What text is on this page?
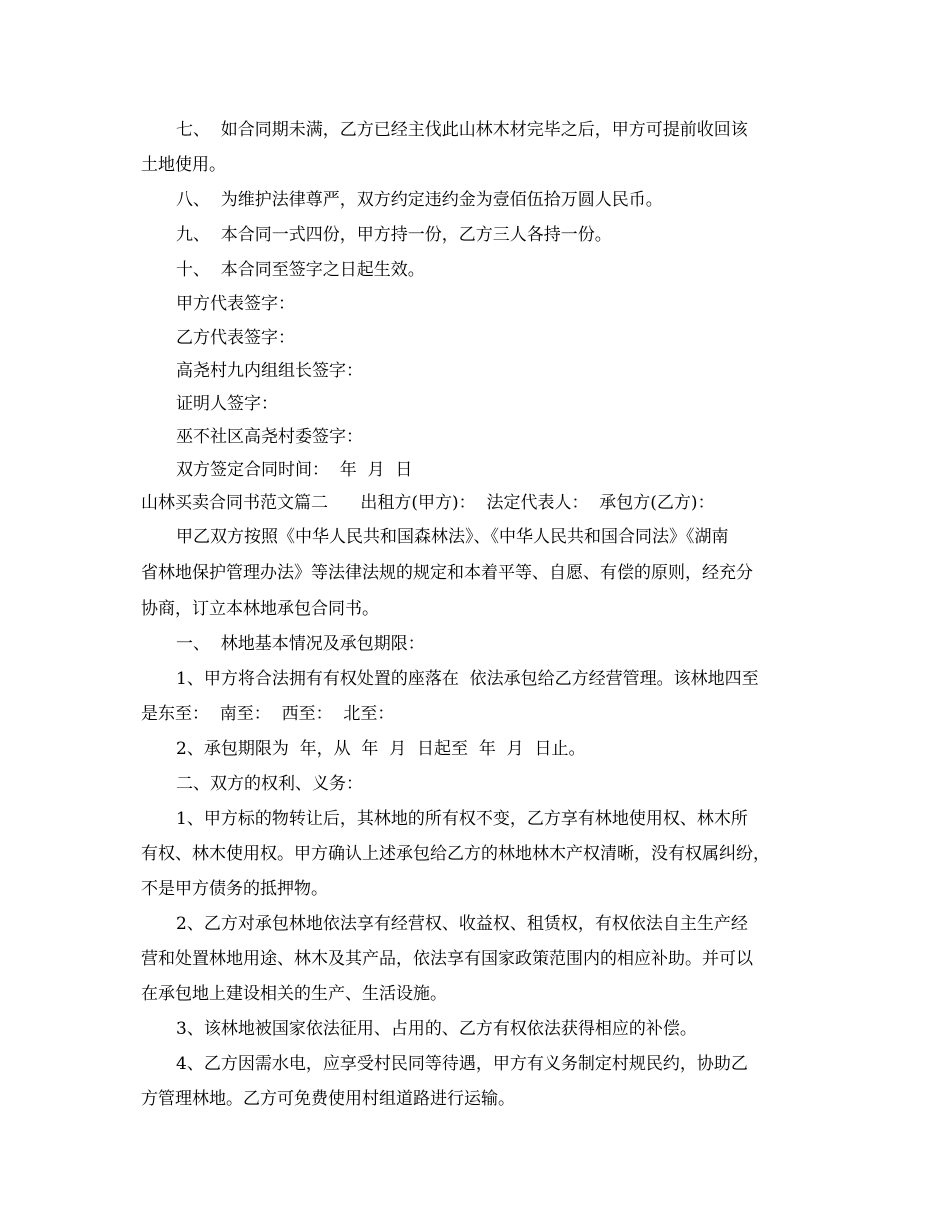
七、  如合同期未满，乙方已经主伐此山林木材完毕之后，甲方可提前收回该

土地使用。

八、  为维护法律尊严，双方约定违约金为壹佰伍拾万圆人民币。

九、  本合同一式四份，甲方持一份，乙方三人各持一份。

十、  本合同至签字之日起生效。

甲方代表签字：

乙方代表签字：

高尧村九内组组长签字：

证明人签字：

巫不社区高尧村委签字：

双方签定合同时间：  年  月  日

山林买卖合同书范文篇二      出租方(甲方)：  法定代表人：  承包方(乙方)：

甲乙双方按照《中华人民共和国森林法》、《中华人民共和国合同法》《湖南

省林地保护管理办法》等法律法规的规定和本着平等、自愿、有偿的原则，经充分

协商，订立本林地承包合同书。

一、  林地基本情况及承包期限：

1、甲方将合法拥有有权处置的座落在  依法承包给乙方经营管理。该林地四至

是东至：  南至：  西至：  北至：

2、承包期限为  年，从  年  月  日起至  年  月  日止。

二、双方的权利、义务：

1、甲方标的物转让后，其林地的所有权不变，乙方享有林地使用权、林木所

有权、林木使用权。甲方确认上述承包给乙方的林地林木产权清晰，没有权属纠纷，

不是甲方债务的抵押物。

2、乙方对承包林地依法享有经营权、收益权、租赁权，有权依法自主生产经

营和处置林地用途、林木及其产品，依法享有国家政策范围内的相应补助。并可以

在承包地上建设相关的生产、生活设施。

3、该林地被国家依法征用、占用的、乙方有权依法获得相应的补偿。

4、乙方因需水电，应享受村民同等待遇，甲方有义务制定村规民约，协助乙

方管理林地。乙方可免费使用村组道路进行运输。
